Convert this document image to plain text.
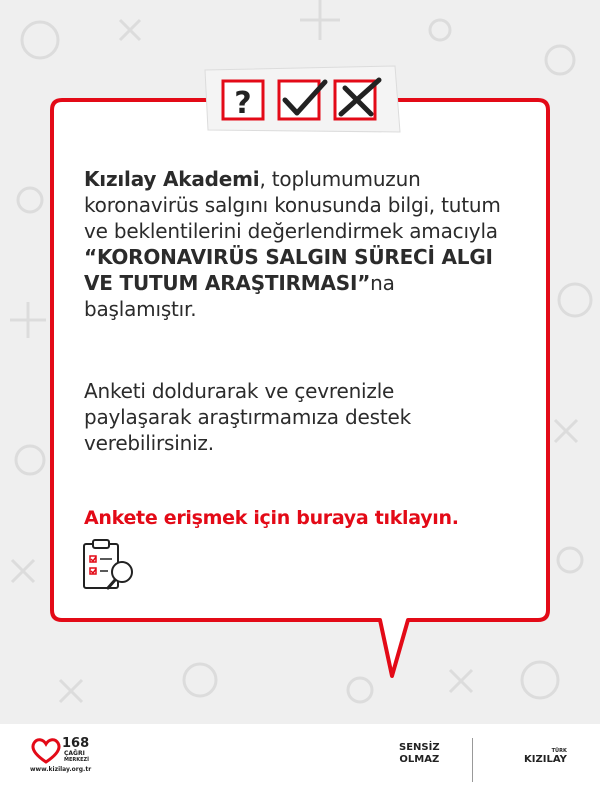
?
Kızılay Akademi, toplumumuzun koronavirüs salgını konusunda bilgi, tutum ve beklentilerini değerlendirmek amacıyla “KORONAVIRÜS SALGIN SÜRECİ ALGI VE TUTUM ARAŞTIRMASI”na başlamıştır.
Anketi doldurarak ve çevrenizle paylaşarak araştırmamıza destek verebilirsiniz.
Ankete erişmek için buraya tıklayın.
168
ÇAĞRI
MERKEZİ
www.kizilay.org.tr
SENSİZ
OLMAZ
TÜRK
KIZILAY
